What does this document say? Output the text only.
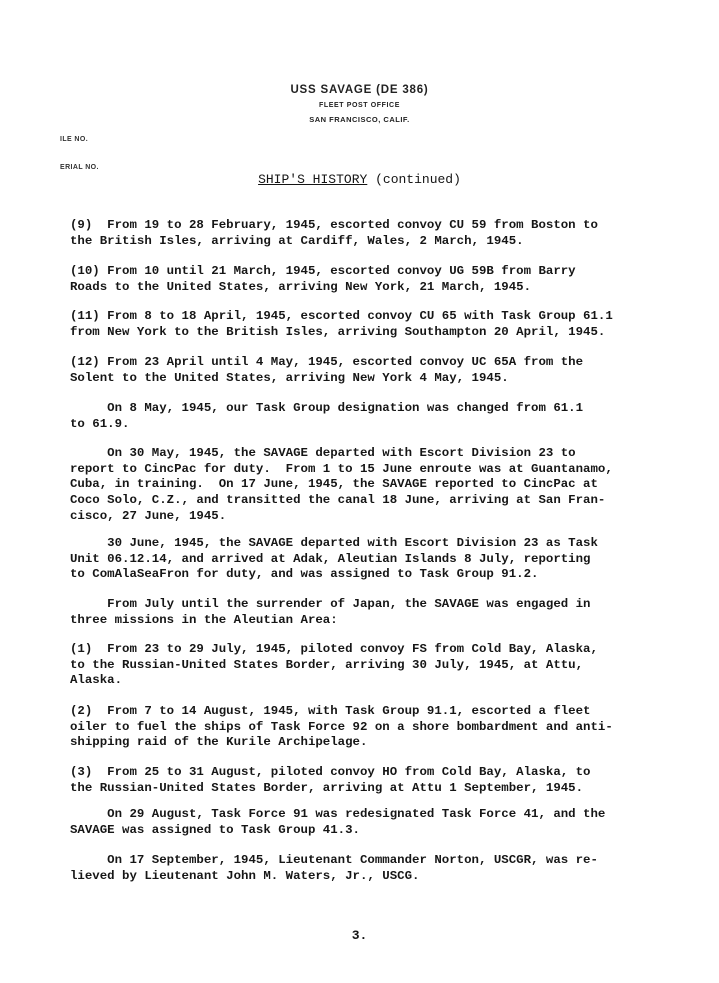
USS SAVAGE (DE 386)
FLEET POST OFFICE
SAN FRANCISCO, CALIF.
ILE NO.
ERIAL NO.
SHIP'S HISTORY (continued)
(9)  From 19 to 28 February, 1945, escorted convoy CU 59 from Boston to
the British Isles, arriving at Cardiff, Wales, 2 March, 1945.
(10) From 10 until 21 March, 1945, escorted convoy UG 59B from Barry
Roads to the United States, arriving New York, 21 March, 1945.
(11) From 8 to 18 April, 1945, escorted convoy CU 65 with Task Group 61.1
from New York to the British Isles, arriving Southampton 20 April, 1945.
(12) From 23 April until 4 May, 1945, escorted convoy UC 65A from the
Solent to the United States, arriving New York 4 May, 1945.
On 8 May, 1945, our Task Group designation was changed from 61.1
to 61.9.
On 30 May, 1945, the SAVAGE departed with Escort Division 23 to
report to CincPac for duty.  From 1 to 15 June enroute was at Guantanamo,
Cuba, in training.  On 17 June, 1945, the SAVAGE reported to CincPac at
Coco Solo, C.Z., and transitted the canal 18 June, arriving at San Fran-
cisco, 27 June, 1945.
30 June, 1945, the SAVAGE departed with Escort Division 23 as Task
Unit 06.12.14, and arrived at Adak, Aleutian Islands 8 July, reporting
to ComAlaSeaFron for duty, and was assigned to Task Group 91.2.
From July until the surrender of Japan, the SAVAGE was engaged in
three missions in the Aleutian Area:
(1)  From 23 to 29 July, 1945, piloted convoy FS from Cold Bay, Alaska,
to the Russian-United States Border, arriving 30 July, 1945, at Attu,
Alaska.
(2)  From 7 to 14 August, 1945, with Task Group 91.1, escorted a fleet
oiler to fuel the ships of Task Force 92 on a shore bombardment and anti-
shipping raid of the Kurile Archipelage.
(3)  From 25 to 31 August, piloted convoy HO from Cold Bay, Alaska, to
the Russian-United States Border, arriving at Attu 1 September, 1945.
On 29 August, Task Force 91 was redesignated Task Force 41, and the
SAVAGE was assigned to Task Group 41.3.
On 17 September, 1945, Lieutenant Commander Norton, USCGR, was re-
lieved by Lieutenant John M. Waters, Jr., USCG.
3.
